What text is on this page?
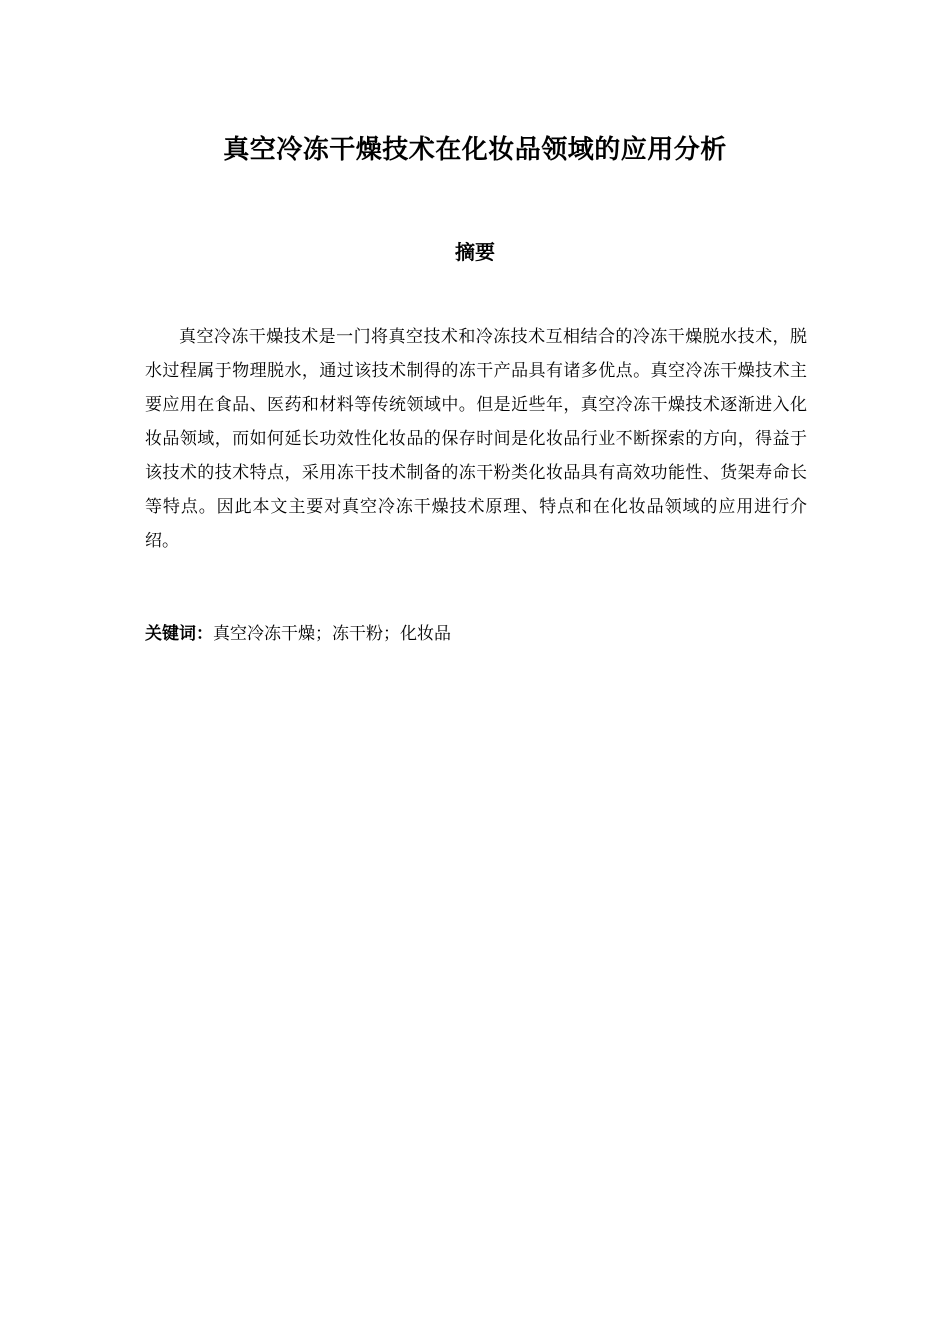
真空冷冻干燥技术在化妆品领域的应用分析
摘要

真空冷冻干燥技术是一门将真空技术和冷冻技术互相结合的冷冻干燥脱水技术，脱水过程属于物理脱水，通过该技术制得的冻干产品具有诸多优点。真空冷冻干燥技术主要应用在食品、医药和材料等传统领域中。但是近些年，真空冷冻干燥技术逐渐进入化妆品领域，而如何延长功效性化妆品的保存时间是化妆品行业不断探索的方向，得益于该技术的技术特点，采用冻干技术制备的冻干粉类化妆品具有高效功能性、货架寿命长等特点。因此本文主要对真空冷冻干燥技术原理、特点和在化妆品领域的应用进行介绍。

关键词：真空冷冻干燥；冻干粉；化妆品
